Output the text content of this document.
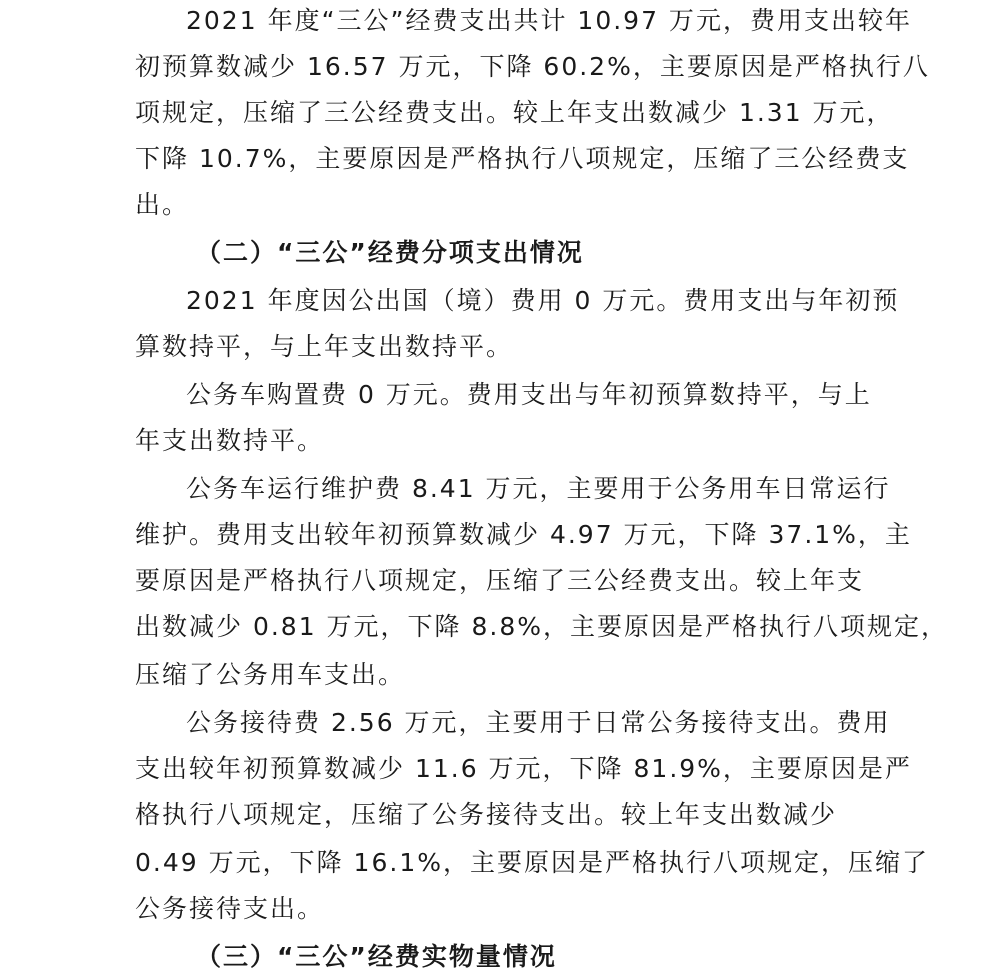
2021 年度“三公”经费支出共计 10.97 万元，费用支出较年
初预算数减少 16.57 万元，下降 60.2%，主要原因是严格执行八
项规定，压缩了三公经费支出。较上年支出数减少 1.31 万元，
下降 10.7%，主要原因是严格执行八项规定，压缩了三公经费支
出。
（二）“三公”经费分项支出情况
2021 年度因公出国（境）费用 0 万元。费用支出与年初预
算数持平，与上年支出数持平。
公务车购置费 0 万元。费用支出与年初预算数持平，与上
年支出数持平。
公务车运行维护费 8.41 万元，主要用于公务用车日常运行
维护。费用支出较年初预算数减少 4.97 万元，下降 37.1%，主
要原因是严格执行八项规定，压缩了三公经费支出。较上年支
出数减少 0.81 万元，下降 8.8%，主要原因是严格执行八项规定，
压缩了公务用车支出。
公务接待费 2.56 万元，主要用于日常公务接待支出。费用
支出较年初预算数减少 11.6 万元，下降 81.9%，主要原因是严
格执行八项规定，压缩了公务接待支出。较上年支出数减少
0.49 万元，下降 16.1%，主要原因是严格执行八项规定，压缩了
公务接待支出。
（三）“三公”经费实物量情况
